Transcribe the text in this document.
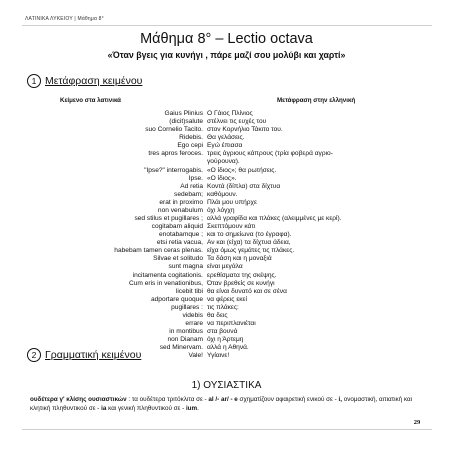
ΛΑΤΙΝΙΚΑ ΛΥΚΕΙΟΥ | Μάθημα 8°
Μάθημα 8° – Lectio octava
«Όταν βγεις για κυνήγι , πάρε μαζί σου μολύβι και χαρτί»
1 Μετάφραση κειμένου
Κείμενο στα λατινικά	Μετάφραση στην ελληνική
Gaius Plinius
(dicit)salute
suo Cornelio Tacito.
Ridebis.
Ego cepi
tres apros feroces.
"Ipse?" interrogabis.
Ipse.
Ad retia
sedebam;
erat in proximo
non venabulum
sed stilus et pugillares ;
cogitabam aliquid
enotabamque ;
etsi retia vacua,
habebam tamen ceras plenas.
Silvae et solitudo
sunt magna
incitamenta cogitationis.
Cum eris in venationibus,
licebit tibi
adportare quoque
pugillares :
videbis
errare
in montibus
non Dianam
sed Minervam.
Vale!
Ο Γάιος Πλίνιος
στέλνει τις ευχές του
στον Κορνήλιο Τάκιτο του.
Θα γελάσεις.
Εγώ έπιασα
τρεις άγριους κάπρους (τρία φοβερά αγριο-
γούρουνα).
«Ο ίδιος»; θα ρωτήσεις.
«Ο ίδιος».
Κοντά (δίπλα) στα δίχτυα
καθόμουν.
Πλάι μου υπήρχε
όχι λόγχη
αλλά γραφίδα και πλάκες (αλειμμένες με κερί).
Σκεπτόμουν κάτι
και το σημείωνα (το έγραφα).
Αν και (είχα) τα δίχτυα άδεια,
είχα όμως γεμάτες τις πλάκες.
Τα δάση και η μοναξιά
είναι μεγάλα
ερεθίσματα της σκέψης.
Όταν βρεθείς σε κυνήγι
θα είναι δυνατό και σε σένα
να φέρεις εκεί
τις πλάκες:
θα δεις
να περιπλανιέται
στα βουνά
όχι η Άρτεμη
αλλά η Αθηνά.
Υγίαινε!
2 Γραμματική κειμένου
1) ΟΥΣΙΑΣΤΙΚΑ
ουδέτερα γ' κλίσης ουσιαστικών : τα ουδέτερα τριτόκλιτα σε - al /- ar/ - e σχηματίζουν αφαιρετική ενικού σε - i, ονομαστική, αιτιατική και κλητική πληθυντικού σε - ia και γενική πληθυντικού σε - ium.
29
